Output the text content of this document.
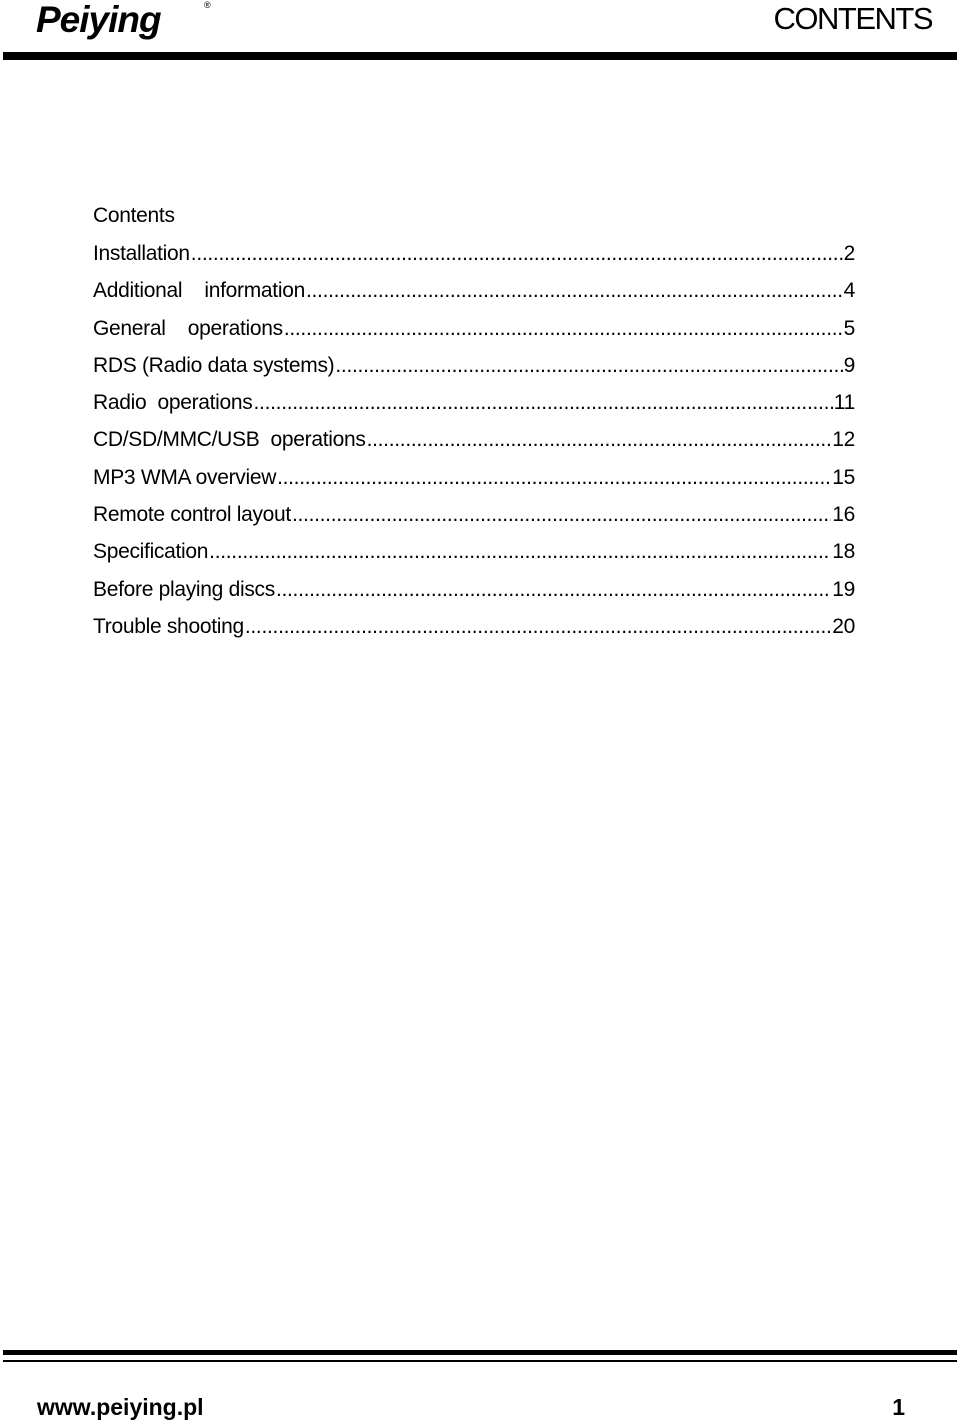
Peiying	®	CONTENTS
Contents
Installation .....	2
Additional    information .....	4
General    operations .....	5
RDS (Radio data systems) .....	9
Radio  operations .....	11
CD/SD/MMC/USB  operations .....	12
MP3 WMA overview .....	15
Remote control layout .....	16
Specification .....	18
Before playing discs .....	19
Trouble shooting .....	20
www.peiying.pl	1
